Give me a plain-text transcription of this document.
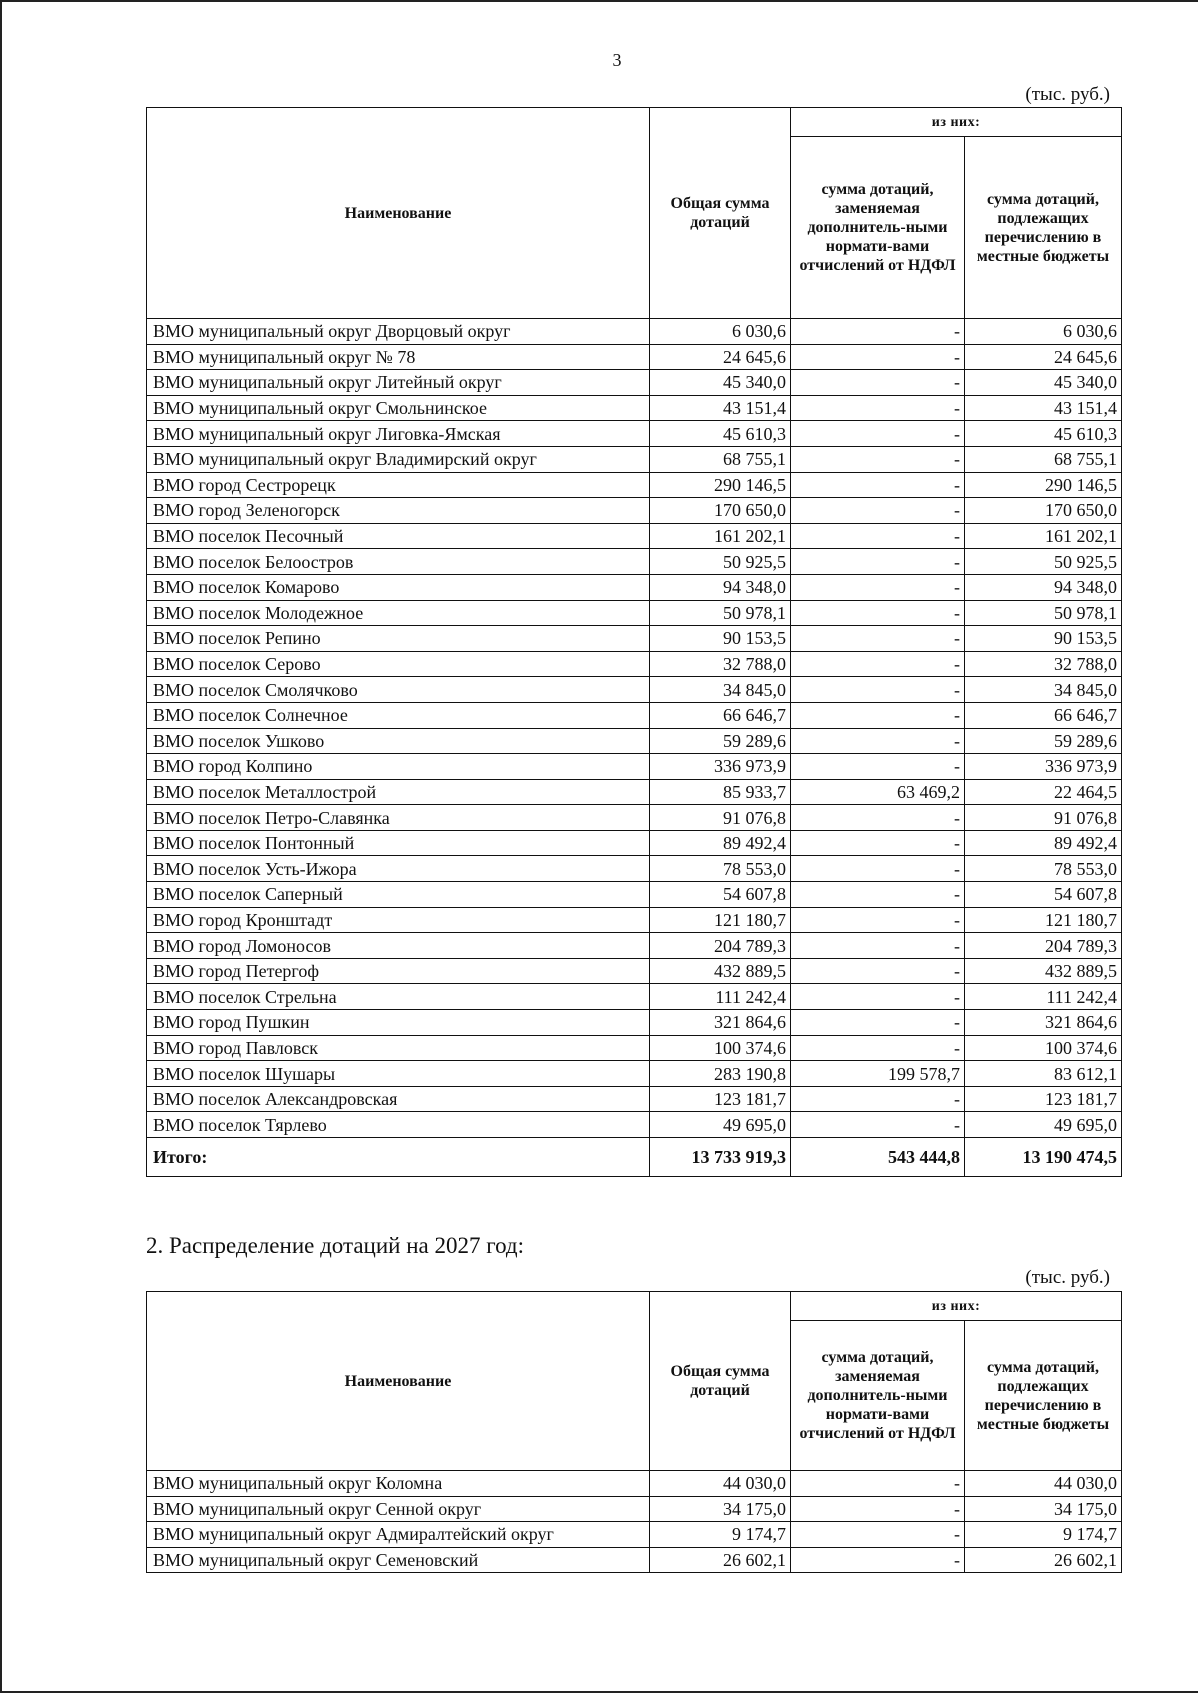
3
(тыс. руб.)
Наименование	Общая сумма дотаций	из них:	
		сумма дотаций, заменяемая дополнитель-ными нормати-вами отчислений от НДФЛ	сумма дотаций, подлежащих перечислению в местные бюджеты
ВМО муниципальный округ Дворцовый округ	6 030,6	-	6 030,6
ВМО муниципальный округ № 78	24 645,6	-	24 645,6
ВМО муниципальный округ Литейный округ	45 340,0	-	45 340,0
ВМО муниципальный округ Смольнинское	43 151,4	-	43 151,4
ВМО муниципальный округ Лиговка-Ямская	45 610,3	-	45 610,3
ВМО муниципальный округ Владимирский округ	68 755,1	-	68 755,1
ВМО город Сестрорецк	290 146,5	-	290 146,5
ВМО город Зеленогорск	170 650,0	-	170 650,0
ВМО поселок Песочный	161 202,1	-	161 202,1
ВМО поселок Белоостров	50 925,5	-	50 925,5
ВМО поселок Комарово	94 348,0	-	94 348,0
ВМО поселок Молодежное	50 978,1	-	50 978,1
ВМО поселок Репино	90 153,5	-	90 153,5
ВМО поселок Серово	32 788,0	-	32 788,0
ВМО поселок Смолячково	34 845,0	-	34 845,0
ВМО поселок Солнечное	66 646,7	-	66 646,7
ВМО поселок Ушково	59 289,6	-	59 289,6
ВМО город Колпино	336 973,9	-	336 973,9
ВМО поселок Металлострой	85 933,7	63 469,2	22 464,5
ВМО поселок Петро-Славянка	91 076,8	-	91 076,8
ВМО поселок Понтонный	89 492,4	-	89 492,4
ВМО поселок Усть-Ижора	78 553,0	-	78 553,0
ВМО поселок Саперный	54 607,8	-	54 607,8
ВМО город Кронштадт	121 180,7	-	121 180,7
ВМО город Ломоносов	204 789,3	-	204 789,3
ВМО город Петергоф	432 889,5	-	432 889,5
ВМО поселок Стрельна	111 242,4	-	111 242,4
ВМО город Пушкин	321 864,6	-	321 864,6
ВМО город Павловск	100 374,6	-	100 374,6
ВМО поселок Шушары	283 190,8	199 578,7	83 612,1
ВМО поселок Александровская	123 181,7	-	123 181,7
ВМО поселок Тярлево	49 695,0	-	49 695,0
Итого:	13 733 919,3	543 444,8	13 190 474,5
2. Распределение дотаций на 2027 год:
(тыс. руб.)
Наименование	Общая сумма дотаций	из них:	
		сумма дотаций, заменяемая дополнитель-ными нормати-вами отчислений от НДФЛ	сумма дотаций, подлежащих перечислению в местные бюджеты
ВМО муниципальный округ Коломна	44 030,0	-	44 030,0
ВМО муниципальный округ Сенной округ	34 175,0	-	34 175,0
ВМО муниципальный округ Адмиралтейский округ	9 174,7	-	9 174,7
ВМО муниципальный округ Семеновский	26 602,1	-	26 602,1
